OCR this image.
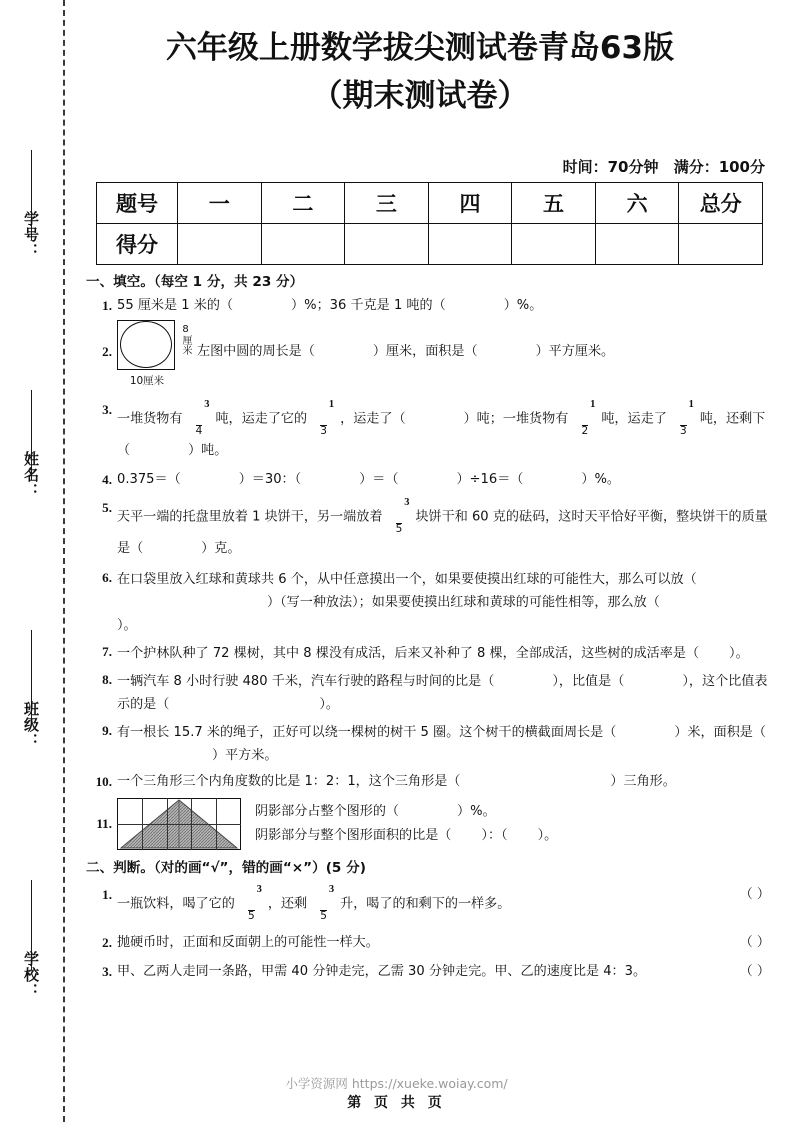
学号：
姓名：
班级：
学校：
六年级上册数学拔尖测试卷青岛63版
（期末测试卷）
时间：70分钟 满分：100分
题号	一	二	三	四	五	六	总分
得分							
一、填空。（每空 1 分，共 23 分）
1. 55 厘米是 1 米的（	）%；36 千克是 1 吨的（	）%。
2.
10厘米
8厘米 左图中圆的周长是（	）厘米，面积是（	）平方厘米。
3.
一堆货物有 $\frac{3}{4}$ 吨，运走了它的 $\frac{1}{3}$ ，运走了（	）吨；一堆货物有 $\frac{1}{2}$ 吨，运走了 $\frac{1}{3}$ 吨，还剩下（	）吨。
4. 0.375＝（	）＝30：（	）＝（	）÷16＝（	）%。
5.
天平一端的托盘里放着 1 块饼干，另一端放着 $\frac{3}{5}$ 块饼干和 60 克的砝码，这时天平恰好平衡，整块饼干的质量是（	）克。
6. 在口袋里放入红球和黄球共 6 个，从中任意摸出一个，如果要使摸出红球的可能性大，那么可以放（）（写一种放法）；如果要使摸出红球和黄球的可能性相等，那么放（）。
7. 一个护林队种了 72 棵树，其中 8 棵没有成活，后来又补种了 8 棵，全部成活，这些树的成活率是（ ）。
8. 一辆汽车 8 小时行驶 480 千米，汽车行驶的路程与时间的比是（	），比值是（	），这个比值表示的是（	）。
9. 有一根长 15.7 米的绳子，正好可以绕一棵树的树干 5 圈。这个树干的横截面周长是（	）米，面积是（）平方米。
10. 一个三角形三个内角度数的比是 1：2：1，这个三角形是（	）三角形。
11.
阴影部分占整个图形的（	）%。
阴影部分与整个图形面积的比是（ ）：（ ）。
二、判断。（对的画“√”，错的画“×”）(5 分)
1.
一瓶饮料，喝了它的 $\frac{3}{5}$ ，还剩 $\frac{3}{5}$ 升，喝了的和剩下的一样多。
（ ）
2. 抛硬币时，正面和反面朝上的可能性一样大。	（ ）
3. 甲、乙两人走同一条路，甲需 40 分钟走完，乙需 30 分钟走完。甲、乙的速度比是 4：3。	（ ）
小学资源网 https://xueke.woiay.com/
第 页 共 页
